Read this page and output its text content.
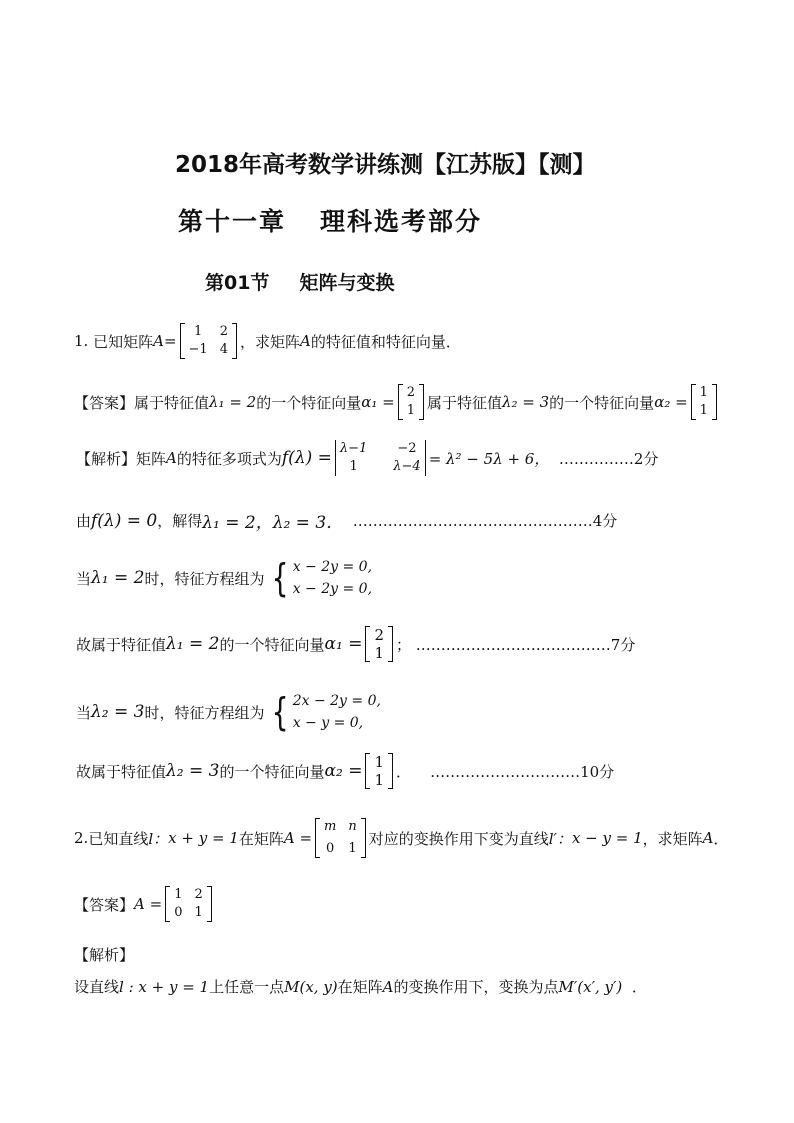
2018年高考数学讲练测【江苏版】【测】
第十一章 理科选考部分
第01节 矩阵与变换
1.
已知矩阵 A =
1	2
−1 4 ，求矩阵 A 的特征值和特征向量．
【答案】 属于特征值 λ₁ = 2 的一个特征向量 α₁ =
2
1 属于特征值 λ₂ = 3 的一个特征向量 α₂ =
1
1
【解析】 矩阵 A 的特征多项式为 f(λ) = λ−1	−2
1	λ−4 = λ² − 5λ + 6，
……………2分
由 f(λ) = 0 ，解得 λ₁ = 2，λ₂ = 3．
…………………………………………4分
当 λ₁ = 2 时，特征方程组为 { x − 2y = 0,
x − 2y = 0,
故属于特征值 λ₁ = 2 的一个特征向量 α₁ = 2
1 ；
…………………………………7分
当 λ₂ = 3 时，特征方程组为 { 2x − 2y = 0,
x − y = 0,
故属于特征值 λ₂ = 3 的一个特征向量 α₂ = 1
1 ．
…………………………10分
2. 已知直线 l： x + y = 1 在矩阵 A =
m n
0 1
对应的变换作用下变为直线 l′： x − y = 1 ，求矩阵 A ．
【答案】 A =
1 2
0 1
【解析】
设直线 l : x + y = 1 上任意一点 M(x, y) 在矩阵 A 的变换作用下，变换为点 M′(x′, y′)
．
